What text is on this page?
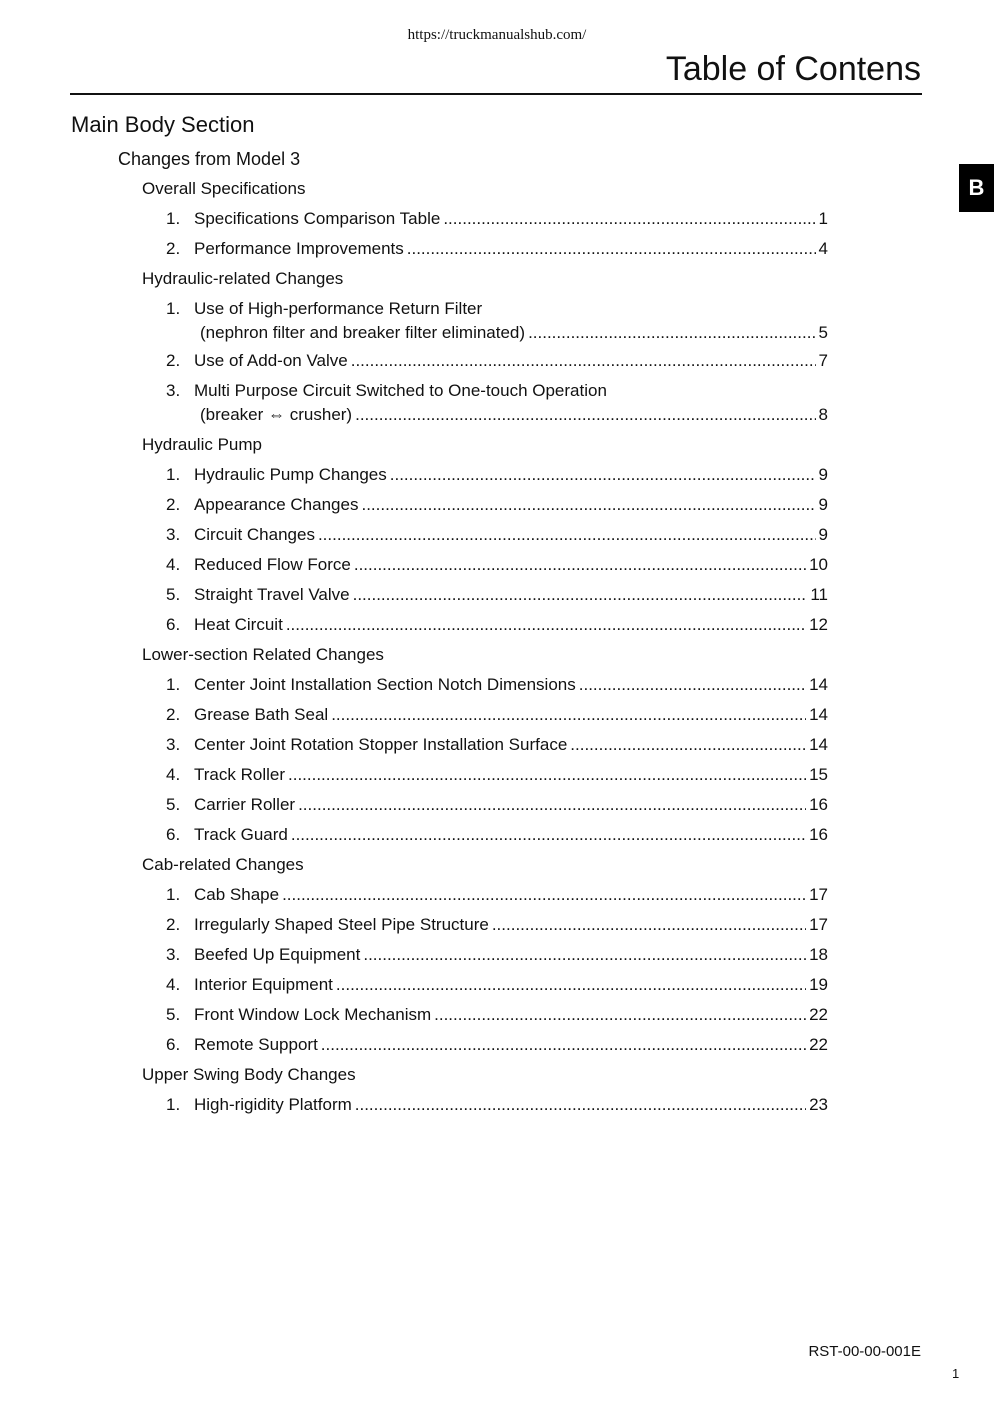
https://truckmanualshub.com/
Table of Contens
B
Main Body Section
Changes from Model 3
Overall Specifications
1. Specifications Comparison Table .....	1
2. Performance Improvements .....	4
Hydraulic-related Changes
1. Use of High-performance Return Filter
(nephron filter and breaker filter eliminated) .....	5
2. Use of Add-on Valve .....	7
3. Multi Purpose Circuit Switched to One-touch Operation
(breaker ⇔ crusher) .....	8
Hydraulic Pump
1. Hydraulic Pump Changes .....	9
2. Appearance Changes .....	9
3. Circuit Changes .....	9
4. Reduced Flow Force .....	10
5. Straight Travel Valve .....	11
6. Heat Circuit .....	12
Lower-section Related Changes
1. Center Joint Installation Section Notch Dimensions .....	14
2. Grease Bath Seal .....	14
3. Center Joint Rotation Stopper Installation Surface .....	14
4. Track Roller .....	15
5. Carrier Roller .....	16
6. Track Guard .....	16
Cab-related Changes
1. Cab Shape .....	17
2. Irregularly Shaped Steel Pipe Structure .....	17
3. Beefed Up Equipment .....	18
4. Interior Equipment .....	19
5. Front Window Lock Mechanism .....	22
6. Remote Support .....	22
Upper Swing Body Changes
1. High-rigidity Platform .....	23
RST-00-00-001E
1
